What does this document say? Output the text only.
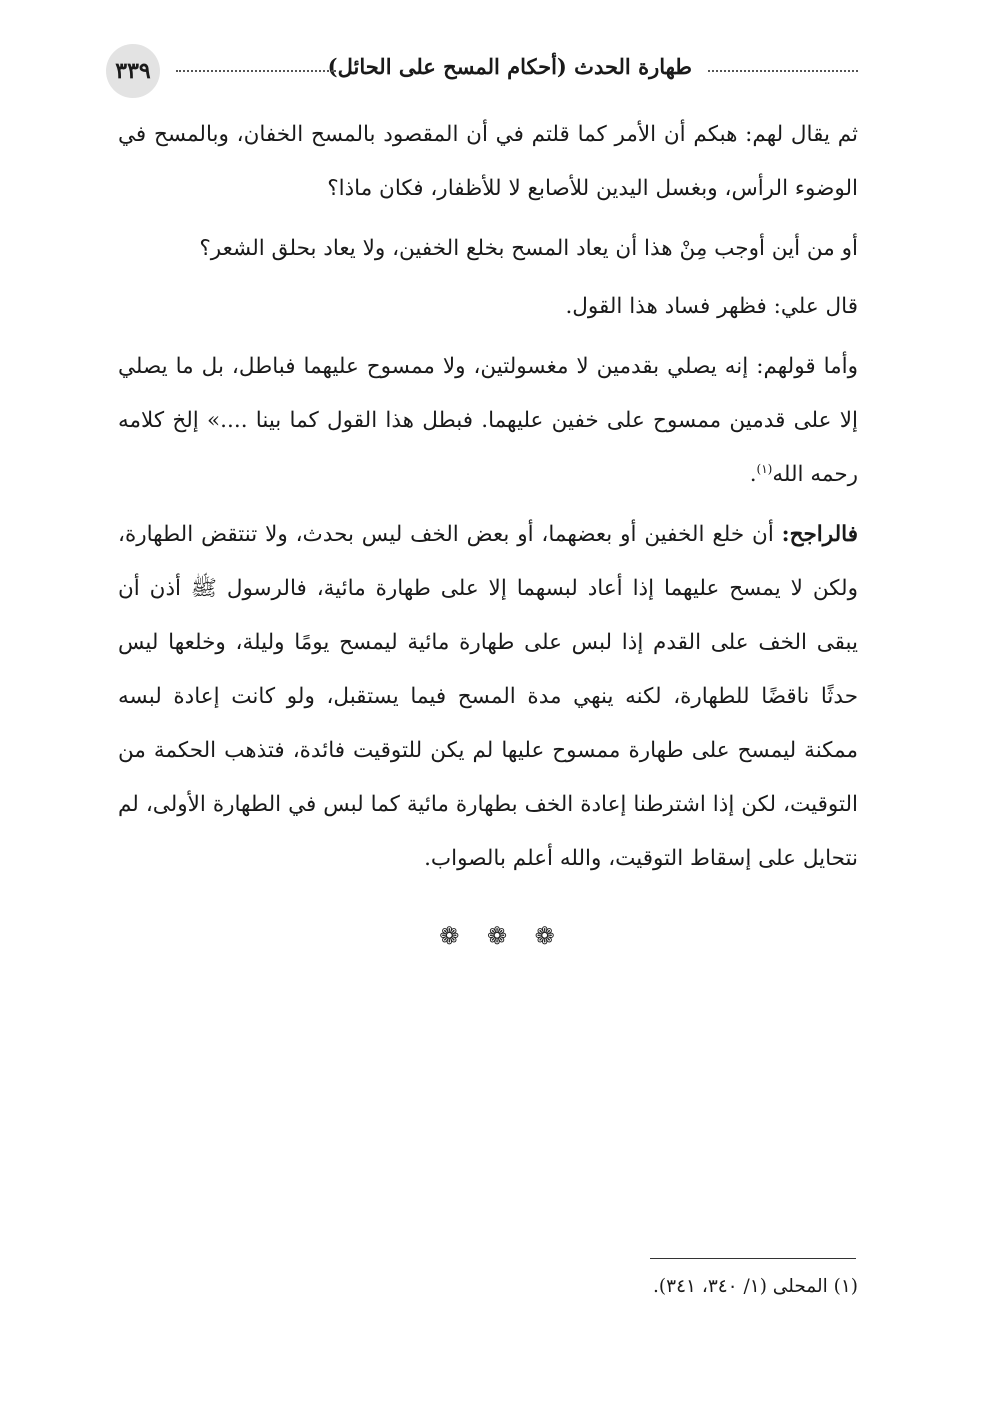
طهارة الحدث (أحكام المسح على الحائل)
٣٣٩

ثم يقال لهم: هبكم أن الأمر كما قلتم في أن المقصود بالمسح الخفان، وبالمسح في الوضوء الرأس، وبغسل اليدين للأصابع لا للأظفار، فكان ماذا؟

أو من أين أوجب مِنْ هذا أن يعاد المسح بخلع الخفين، ولا يعاد بحلق الشعر؟

قال علي: فظهر فساد هذا القول.

وأما قولهم: إنه يصلي بقدمين لا مغسولتين، ولا ممسوح عليهما فباطل، بل ما يصلي إلا على قدمين ممسوح على خفين عليهما. فبطل هذا القول كما بينا ....» إلخ كلامه رحمه الله$^{(١)}$.

فالراجح: أن خلع الخفين أو بعضهما، أو بعض الخف ليس بحدث، ولا تنتقض الطهارة، ولكن لا يمسح عليهما إذا أعاد لبسهما إلا على طهارة مائية، فالرسول ﷺ أذن أن يبقى الخف على القدم إذا لبس على طهارة مائية ليمسح يومًا وليلة، وخلعها ليس حدثًا ناقضًا للطهارة، لكنه ينهي مدة المسح فيما يستقبل، ولو كانت إعادة لبسه ممكنة ليمسح على طهارة ممسوح عليها لم يكن للتوقيت فائدة، فتذهب الحكمة من التوقيت، لكن إذا اشترطنا إعادة الخف بطهارة مائية كما لبس في الطهارة الأولى، لم نتحايل على إسقاط التوقيت، والله أعلم بالصواب.

❁ ❁ ❁
(١) المحلى (١/ ٣٤٠، ٣٤١).
